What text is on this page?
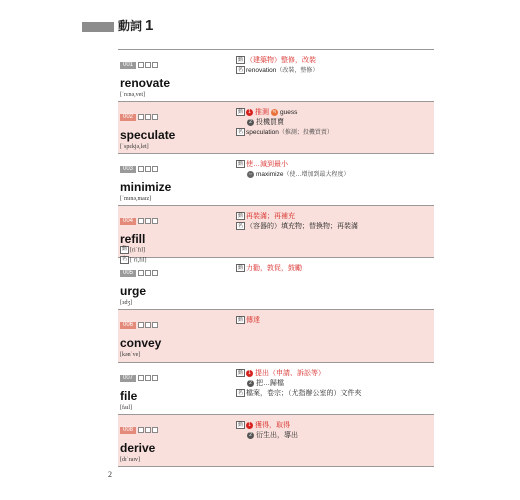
動詞 1
001
renovate
[ˈrɛnə,vet]
動 （建築物）整修，改裝
名 renovation（改裝，整修）
002
speculate
[ˈspɛkjə,let]
動 1 推測 ≒ guess
2 投機買賣
名 speculation（推測；投機買賣）
003
minimize
[ˈmɪnə,maɪz]
動 使…減到最小
⇔ maximize（使…增加到最大程度）
004
refill
動 [riˈfɪl]
名 [ˈri,fɪl]
動 再裝滿；再補充
名 （容器的）填充物；替換物；再裝滿
005
urge
[ɜdʒ]
動 力勸，敦促，鼓勵
006
convey
[kənˈve]
動 傳達
007
file
[faɪl]
動 1 提出（申請、訴訟等）
2 把…歸檔
名 檔案，卷宗；（尤指辦公室的）文件夾
008
derive
[dɪˈraɪv]
動 1 獲得，取得
2 衍生出，導出
2
